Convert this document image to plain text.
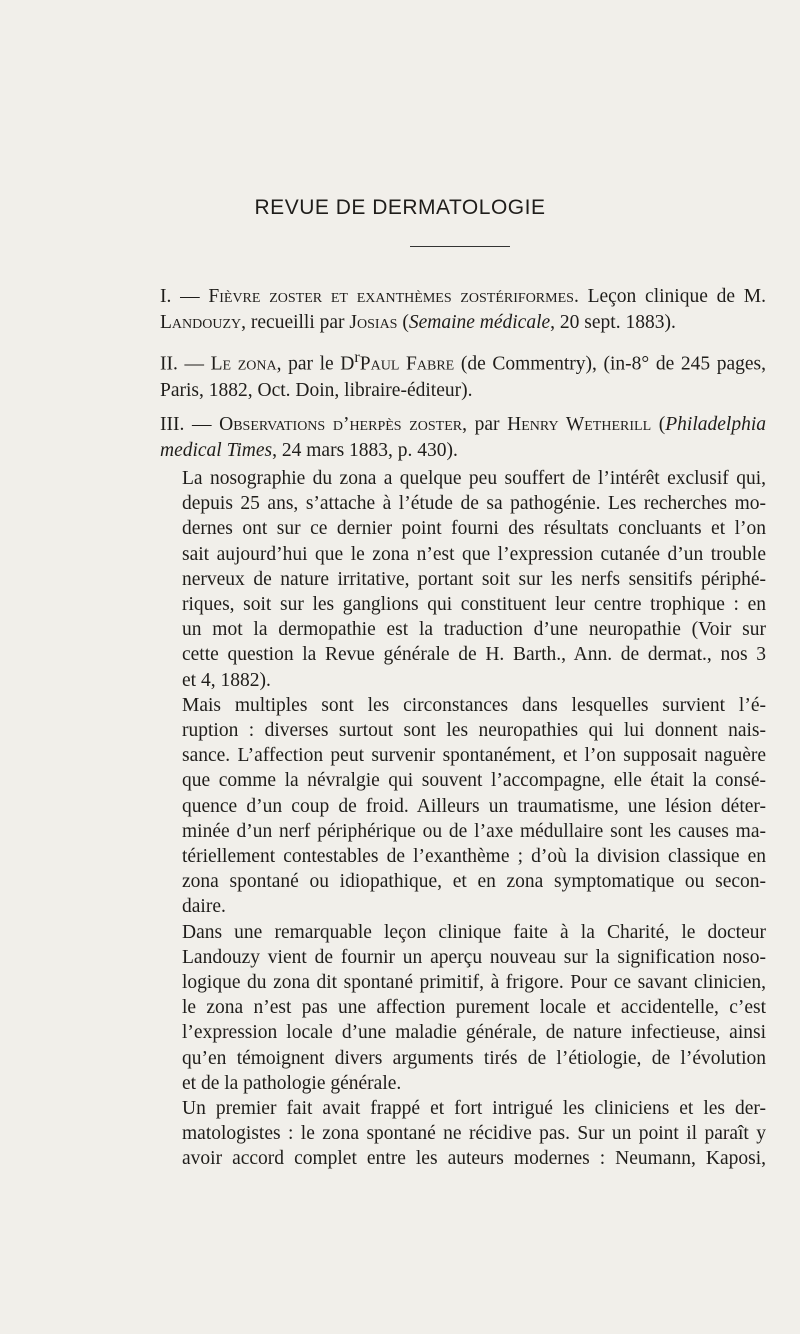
REVUE DE DERMATOLOGIE
I. — Fièvre zoster et exanthèmes zostériformes. Leçon clinique de M. Landouzy, recueilli par Josias (Semaine médicale, 20 sept. 1883).
II. — Le zona, par le $D^rPaul$ Fabre (de Commentry), (in-8° de 245 pages, Paris, 1882, Oct. Doin, libraire-éditeur).
III. — Observations d’herpès zoster, par Henry Wetherill (Philadelphia medical Times, 24 mars 1883, p. 430).

La nosographie du zona a quelque peu souffert de l’intérêt exclusif qui,
depuis 25 ans, s’attache à l’étude de sa pathogénie. Les recherches mo-
dernes ont sur ce dernier point fourni des résultats concluants et l’on
sait aujourd’hui que le zona n’est que l’expression cutanée d’un trouble
nerveux de nature irritative, portant soit sur les nerfs sensitifs périphé-
riques, soit sur les ganglions qui constituent leur centre trophique : en
un mot la dermopathie est la traduction d’une neuropathie (Voir sur
cette question la Revue générale de H. Barth., Ann. de dermat., nos 3
et 4, 1882).

Mais multiples sont les circonstances dans lesquelles survient l’é-
ruption : diverses surtout sont les neuropathies qui lui donnent nais-
sance. L’affection peut survenir spontanément, et l’on supposait naguère
que comme la névralgie qui souvent l’accompagne, elle était la consé-
quence d’un coup de froid. Ailleurs un traumatisme, une lésion déter-
minée d’un nerf périphérique ou de l’axe médullaire sont les causes ma-
tériellement contestables de l’exanthème ; d’où la division classique en
zona spontané ou idiopathique, et en zona symptomatique ou secon-
daire.

Dans une remarquable leçon clinique faite à la Charité, le docteur
Landouzy vient de fournir un aperçu nouveau sur la signification noso-
logique du zona dit spontané primitif, à frigore. Pour ce savant clinicien,
le zona n’est pas une affection purement locale et accidentelle, c’est
l’expression locale d’une maladie générale, de nature infectieuse, ainsi
qu’en témoignent divers arguments tirés de l’étiologie, de l’évolution
et de la pathologie générale.

Un premier fait avait frappé et fort intrigué les cliniciens et les der-
matologistes : le zona spontané ne récidive pas. Sur un point il paraît y
avoir accord complet entre les auteurs modernes : Neumann, Kaposi,
